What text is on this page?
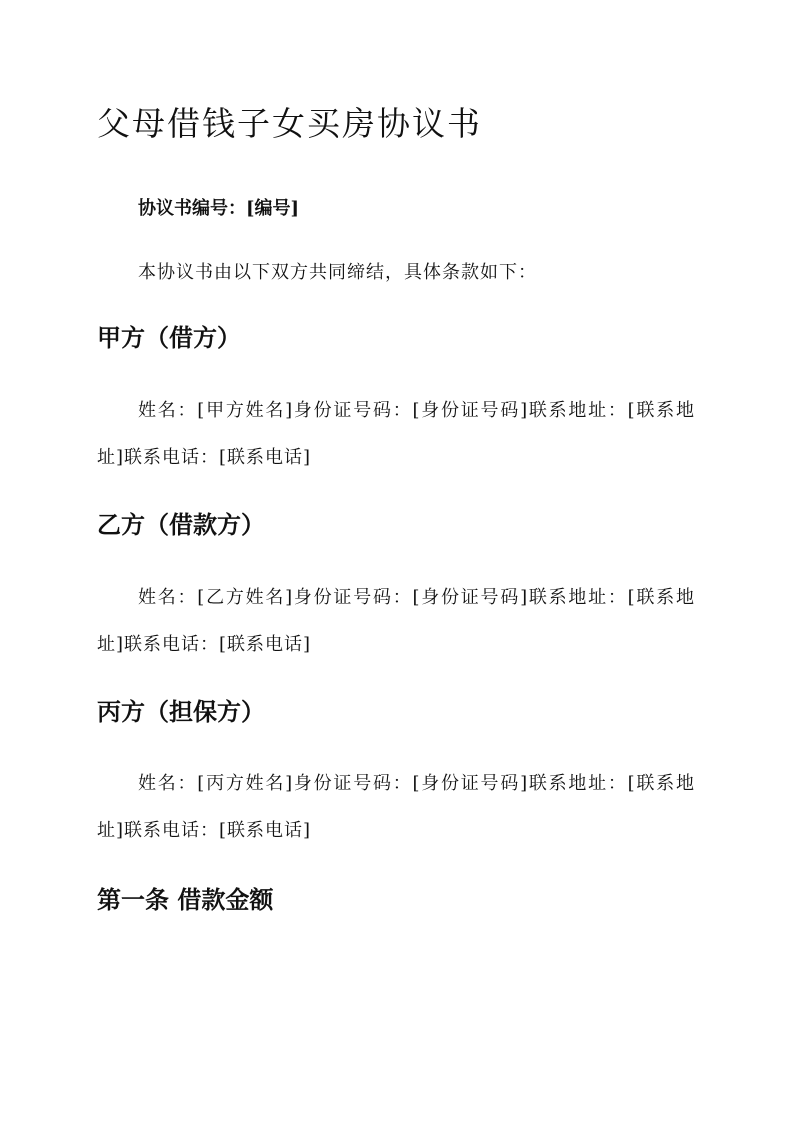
父母借钱子女买房协议书
协议书编号：[编号]
本协议书由以下双方共同缔结，具体条款如下：
甲方（借方）
姓名：[甲方姓名]身份证号码：[身份证号码]联系地址：[联系地址]联系电话：[联系电话]
乙方（借款方）
姓名：[乙方姓名]身份证号码：[身份证号码]联系地址：[联系地址]联系电话：[联系电话]
丙方（担保方）
姓名：[丙方姓名]身份证号码：[身份证号码]联系地址：[联系地址]联系电话：[联系电话]
第一条 借款金额
